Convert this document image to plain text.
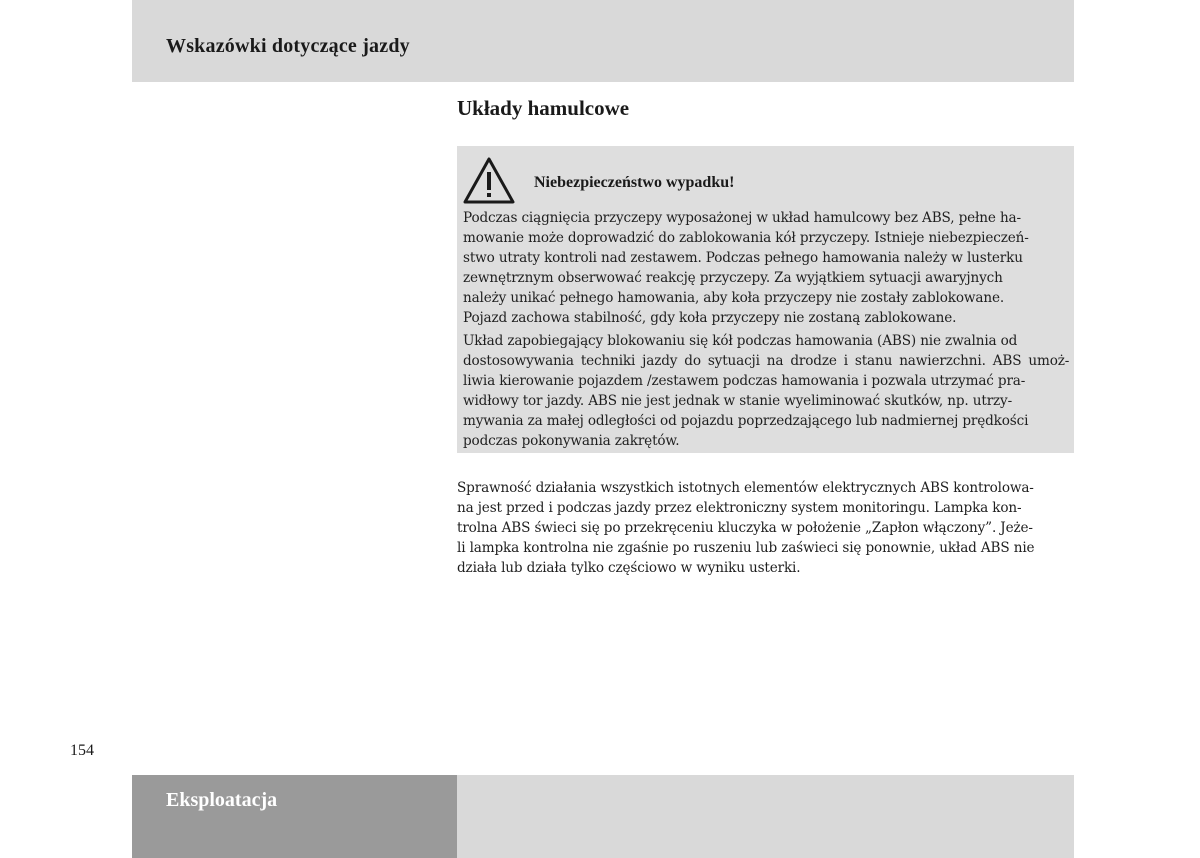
Wskazówki dotyczące jazdy
Układy hamulcowe
Niebezpieczeństwo wypadku!
Podczas ciągnięcia przyczepy wyposażonej w układ hamulcowy bez ABS, pełne ha-
mowanie może doprowadzić do zablokowania kół przyczepy. Istnieje niebezpieczeń-
stwo utraty kontroli nad zestawem. Podczas pełnego hamowania należy w lusterku
zewnętrznym obserwować reakcję przyczepy. Za wyjątkiem sytuacji awaryjnych
należy unikać pełnego hamowania, aby koła przyczepy nie zostały zablokowane.
Pojazd zachowa stabilność, gdy koła przyczepy nie zostaną zablokowane.
Układ zapobiegający blokowaniu się kół podczas hamowania (ABS) nie zwalnia od
dostosowywania techniki jazdy do sytuacji na drodze i stanu nawierzchni. ABS umoż-
liwia kierowanie pojazdem /zestawem podczas hamowania i pozwala utrzymać pra-
widłowy tor jazdy. ABS nie jest jednak w stanie wyeliminować skutków, np. utrzy-
mywania za małej odległości od pojazdu poprzedzającego lub nadmiernej prędkości
podczas pokonywania zakrętów.
Sprawność działania wszystkich istotnych elementów elektrycznych ABS kontrolowa-
na jest przed i podczas jazdy przez elektroniczny system monitoringu. Lampka kon-
trolna ABS świeci się po przekręceniu kluczyka w położenie „Zapłon włączony”. Jeże-
li lampka kontrolna nie zgaśnie po ruszeniu lub zaświeci się ponownie, układ ABS nie
działa lub działa tylko częściowo w wyniku usterki.
154
Eksploatacja
